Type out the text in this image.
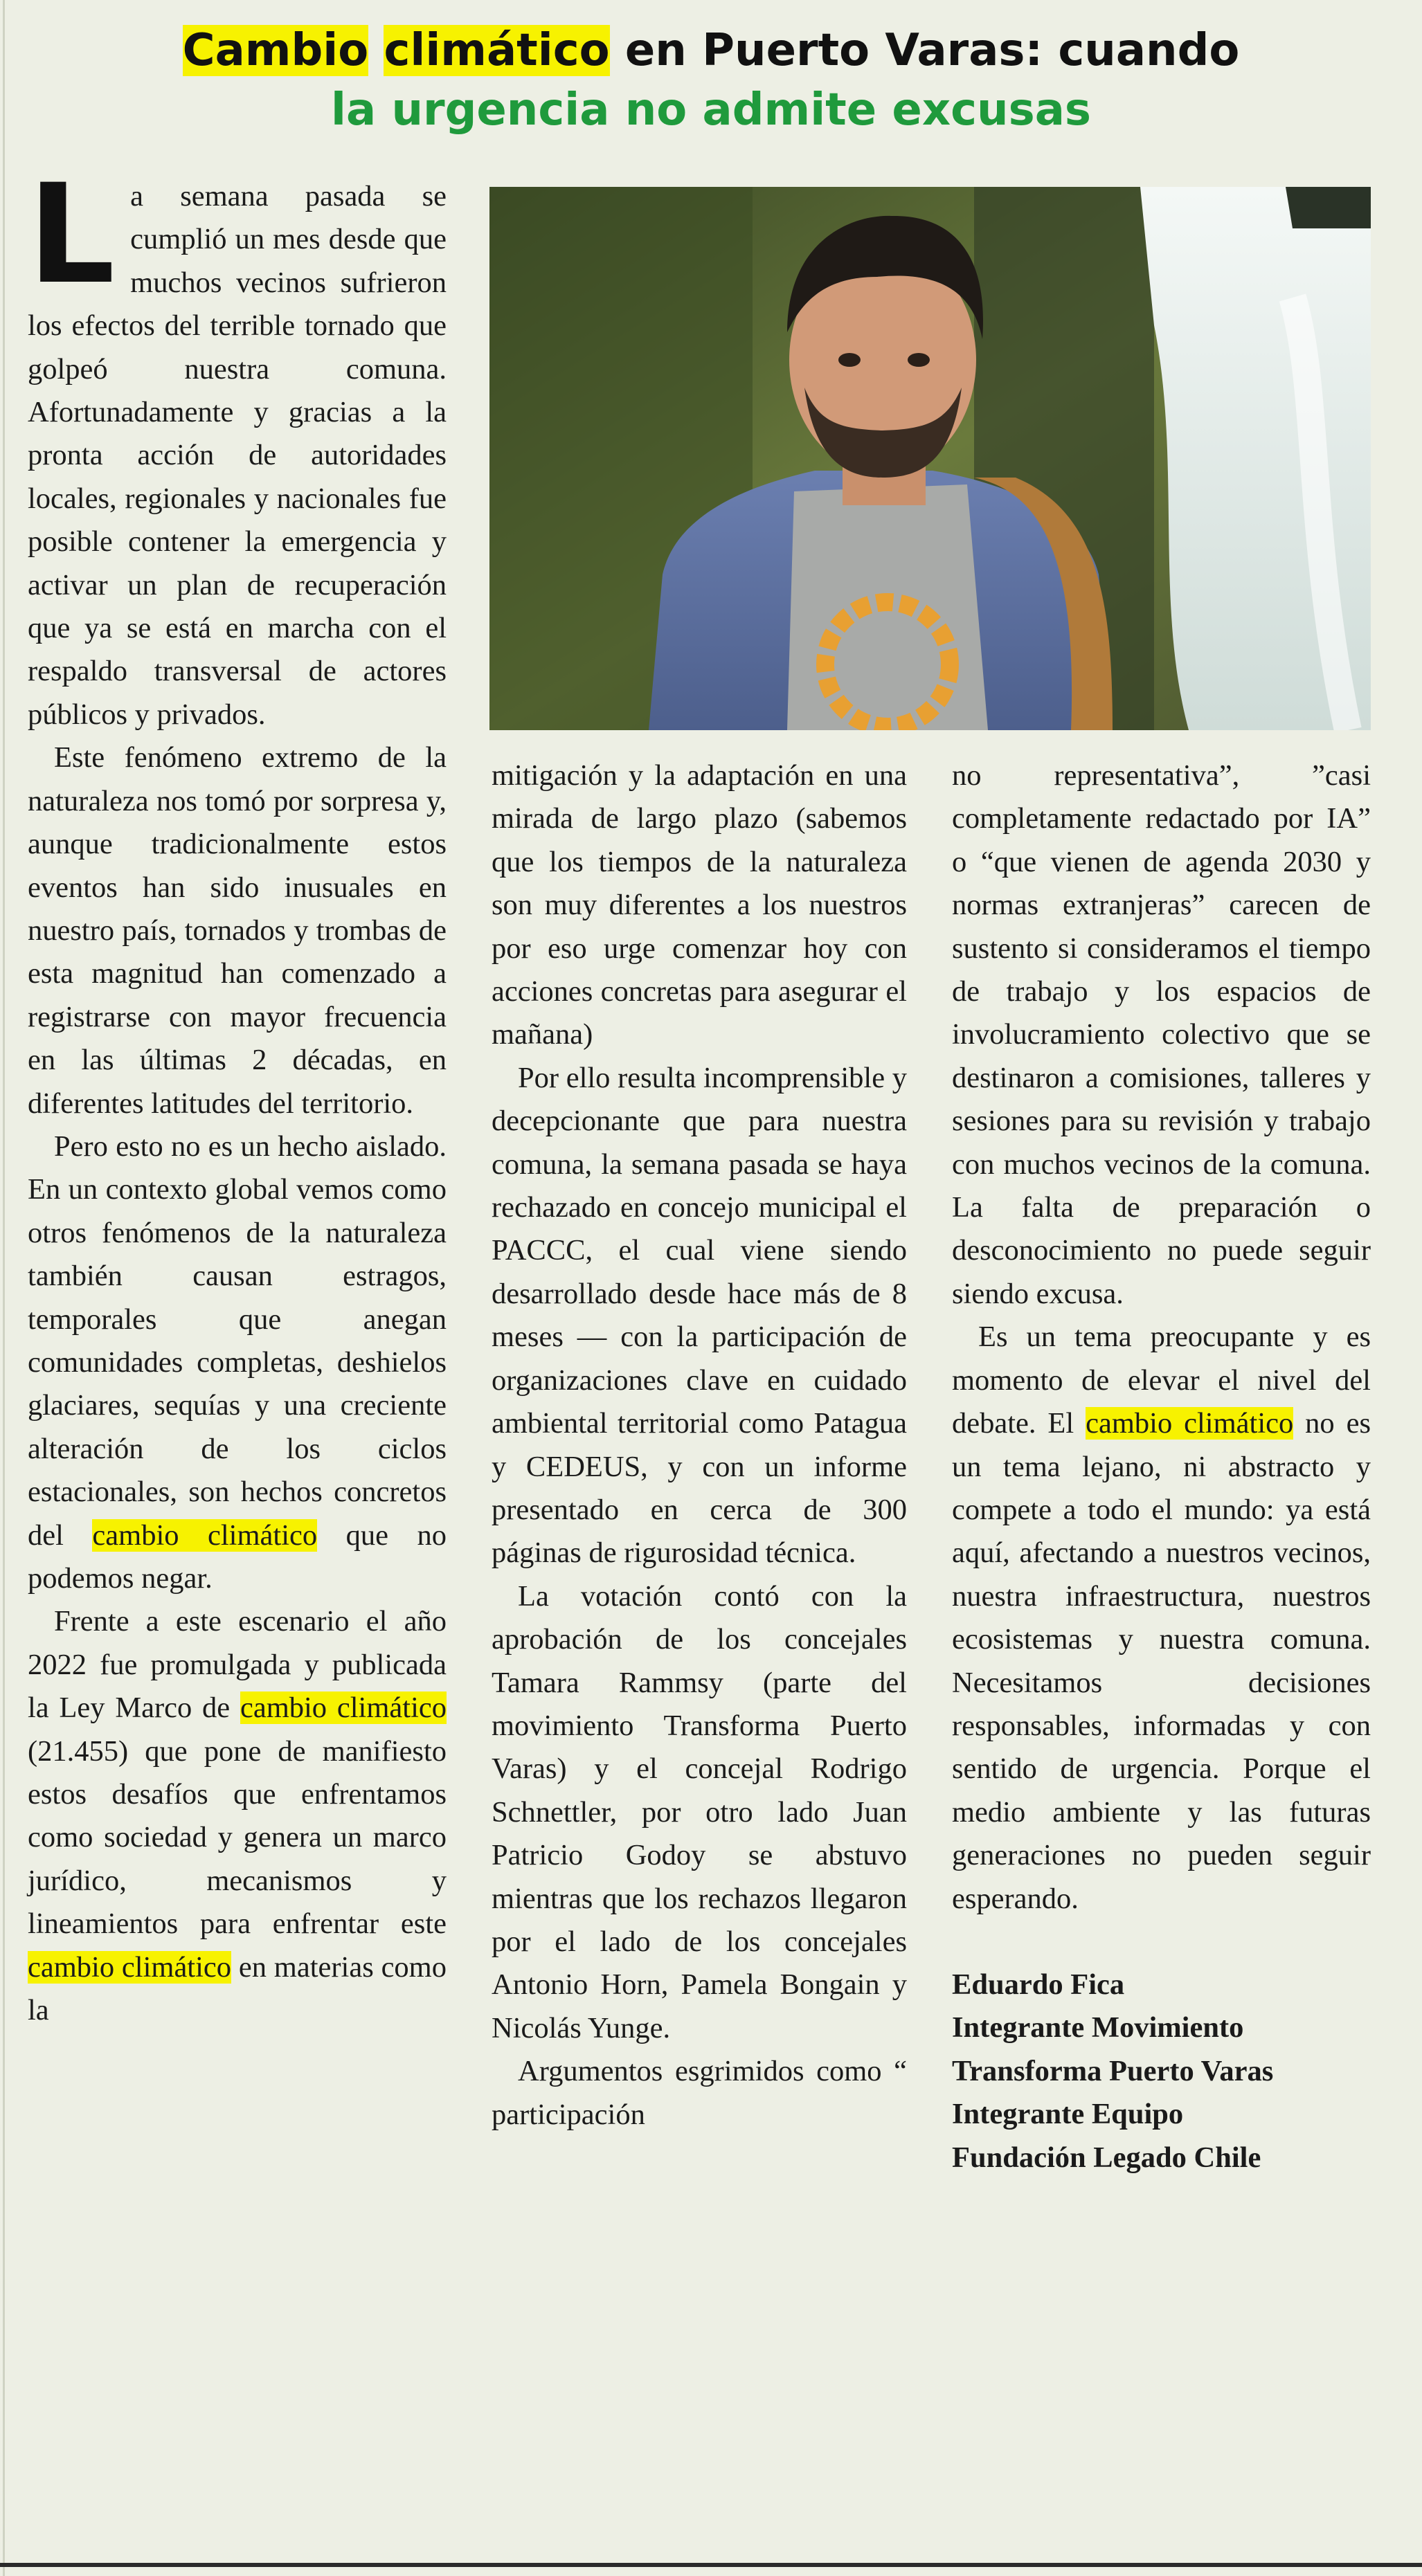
Cambio climático en Puerto Varas: cuando
la urgencia no admite excusas

La semana pasada se cumplió un mes desde que muchos vecinos sufrieron los efectos del terrible tornado que golpeó nuestra comuna. Afortunadamente y gracias a la pronta acción de autoridades locales, regionales y nacionales fue posible contener la emergencia y activar un plan de recuperación que ya se está en marcha con el respaldo transversal de actores públicos y privados.

Este fenómeno extremo de la naturaleza nos tomó por sorpresa y, aunque tradicionalmente estos eventos han sido inusuales en nuestro país, tornados y trombas de esta magnitud han comenzado a registrarse con mayor frecuencia en las últimas 2 décadas, en diferentes latitudes del territorio.

Pero esto no es un hecho aislado. En un contexto global vemos como otros fenómenos de la naturaleza también causan estragos, temporales que anegan comunidades completas, deshielos glaciares, sequías y una creciente alteración de los ciclos estacionales, son hechos concretos del cambio climático que no podemos negar.

Frente a este escenario el año 2022 fue promulgada y publicada la Ley Marco de cambio climático (21.455) que pone de manifiesto estos desafíos que enfrentamos como sociedad y genera un marco jurídico, mecanismos y lineamientos para enfrentar este cambio climático en materias como la

mitigación y la adaptación en una mirada de largo plazo (sabemos que los tiempos de la naturaleza son muy diferentes a los nuestros por eso urge comenzar hoy con acciones concretas para asegurar el mañana)

Por ello resulta incomprensible y decepcionante que para nuestra comuna, la semana pasada se haya rechazado en concejo municipal el PACCC, el cual viene siendo desarrollado desde hace más de 8 meses — con la participación de organizaciones clave en cuidado ambiental territorial como Patagua y CEDEUS, y con un informe presentado en cerca de 300 páginas de rigurosidad técnica.

La votación contó con la aprobación de los concejales Tamara Rammsy (parte del movimiento Transforma Puerto Varas) y el concejal Rodrigo Schnettler, por otro lado Juan Patricio Godoy se abstuvo mientras que los rechazos llegaron por el lado de los concejales Antonio Horn, Pamela Bongain y Nicolás Yunge.

Argumentos esgrimidos como “ participación

no representativa”, ”casi completamente redactado por IA” o “que vienen de agenda 2030 y normas extranjeras” carecen de sustento si consideramos el tiempo de trabajo y los espacios de involucramiento colectivo que se destinaron a comisiones, talleres y sesiones para su revisión y trabajo con muchos vecinos de la comuna. La falta de preparación o desconocimiento no puede seguir siendo excusa.

Es un tema preocupante y es momento de elevar el nivel del debate. El cambio climático no es un tema lejano, ni abstracto y compete a todo el mundo: ya está aquí, afectando a nuestros vecinos, nuestra infraestructura, nuestros ecosistemas y nuestra comuna. Necesitamos decisiones responsables, informadas y con sentido de urgencia. Porque el medio ambiente y las futuras generaciones no pueden seguir esperando.

Eduardo Fica
Integrante Movimiento
Transforma Puerto Varas
Integrante Equipo
Fundación Legado Chile
